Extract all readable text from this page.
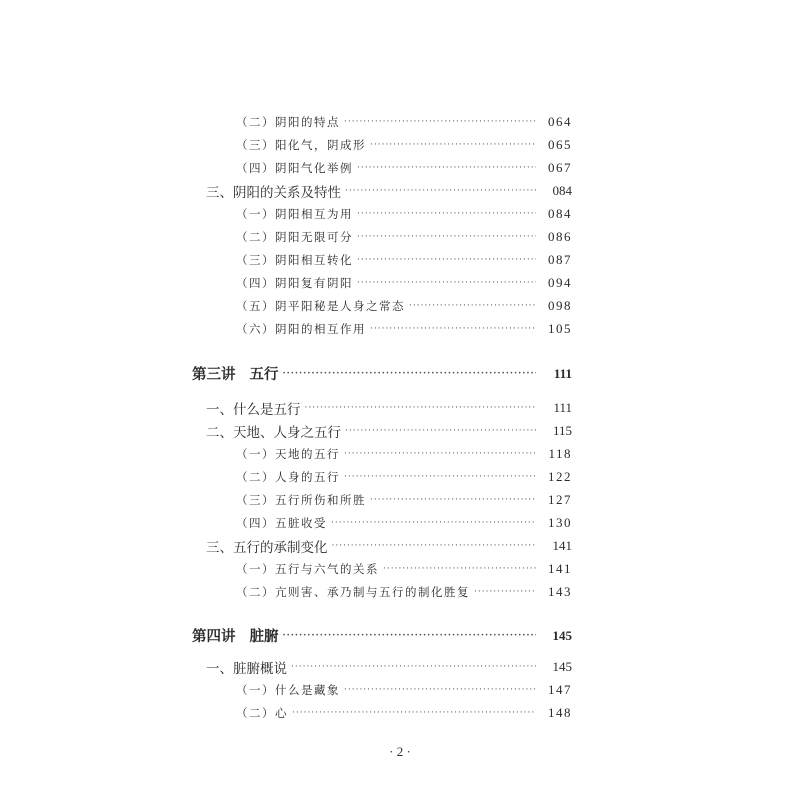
（二）阴阳的特点 ·····	064
（三）阳化气，阴成形 ·····	065
（四）阴阳气化举例 ·····	067
三、阴阳的关系及特性 ·····	084
（一）阴阳相互为用 ·····	084
（二）阴阳无限可分 ·····	086
（三）阴阳相互转化 ·····	087
（四）阴阳复有阴阳 ·····	094
（五）阴平阳秘是人身之常态 ·····	098
（六）阴阳的相互作用 ·····	105
第三讲 五行 ·····	111
一、什么是五行 ·····	111
二、天地、人身之五行 ·····	115
（一）天地的五行 ·····	118
（二）人身的五行 ·····	122
（三）五行所伤和所胜 ·····	127
（四）五脏收受 ·····	130
三、五行的承制变化 ·····	141
（一）五行与六气的关系 ·····	141
（二）亢则害、承乃制与五行的制化胜复 ·····	143
第四讲 脏腑 ·····	145
一、脏腑概说 ·····	145
（一）什么是藏象 ·····	147
（二）心 ·····	148
· 2 ·
